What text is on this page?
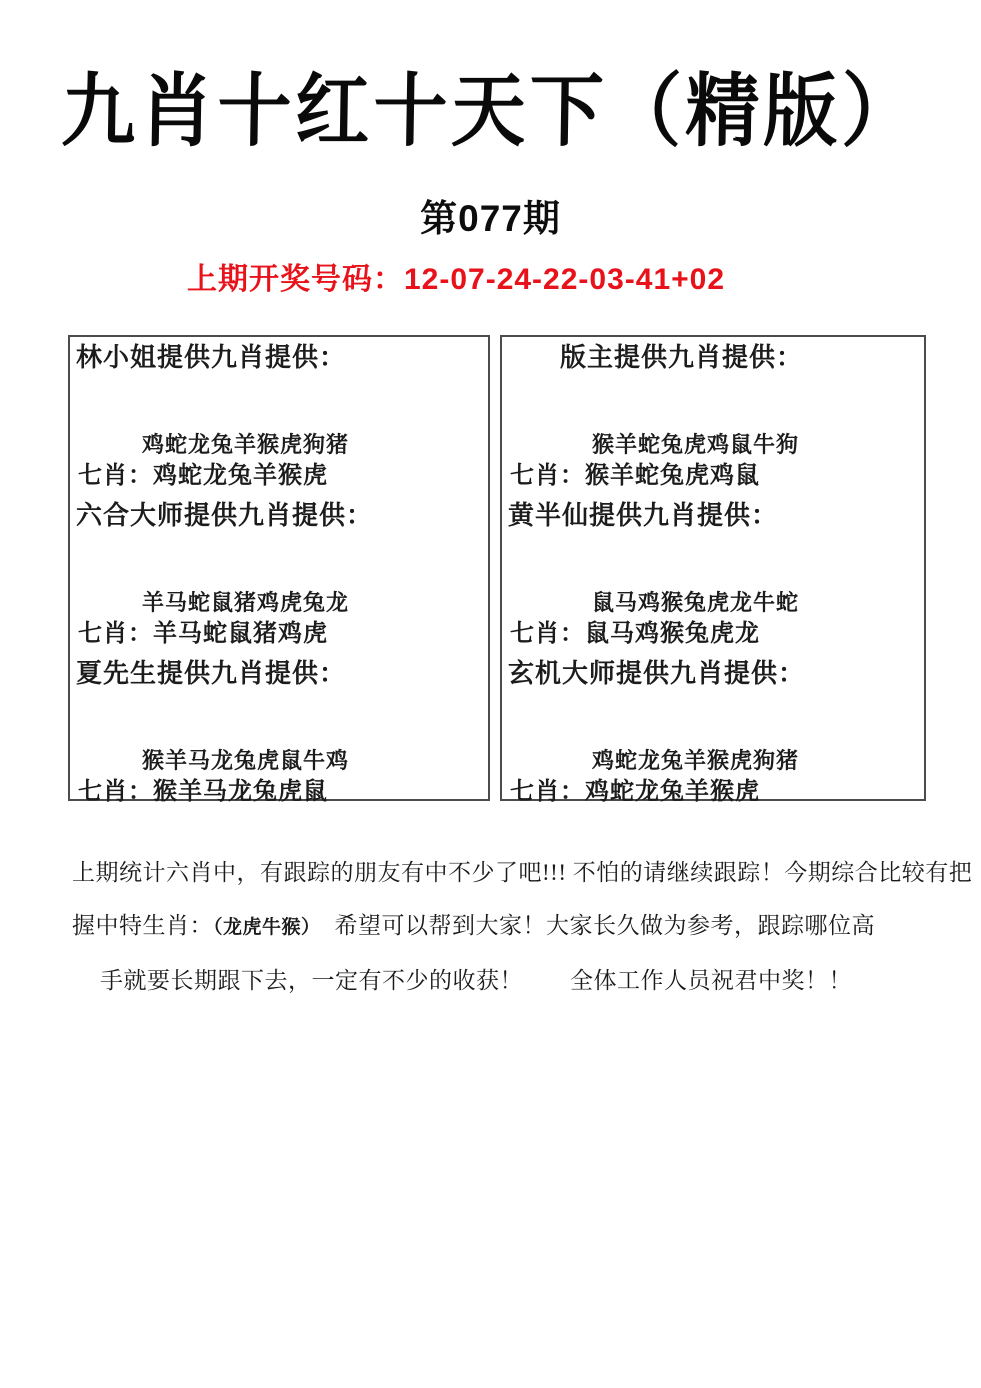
九肖十红十天下（精版）
第077期
上期开奖号码：12-07-24-22-03-41+02
林小姐提供九肖提供：
鸡蛇龙兔羊猴虎狗猪
七肖：鸡蛇龙兔羊猴虎
六合大师提供九肖提供：
羊马蛇鼠猪鸡虎兔龙
七肖：羊马蛇鼠猪鸡虎
夏先生提供九肖提供：
猴羊马龙兔虎鼠牛鸡
七肖：猴羊马龙兔虎鼠
版主提供九肖提供：
猴羊蛇兔虎鸡鼠牛狗
七肖：猴羊蛇兔虎鸡鼠
黄半仙提供九肖提供：
鼠马鸡猴兔虎龙牛蛇
七肖：鼠马鸡猴兔虎龙
玄机大师提供九肖提供：
鸡蛇龙兔羊猴虎狗猪
七肖：鸡蛇龙兔羊猴虎
上期统计六肖中，有跟踪的朋友有中不少了吧!!! 不怕的请继续跟踪！今期综合比较有把
握中特生肖：（龙虎牛猴）　希望可以帮到大家！大家长久做为参考，跟踪哪位高
手就要长期跟下去，一定有不少的收获！　　全体工作人员祝君中奖！！
